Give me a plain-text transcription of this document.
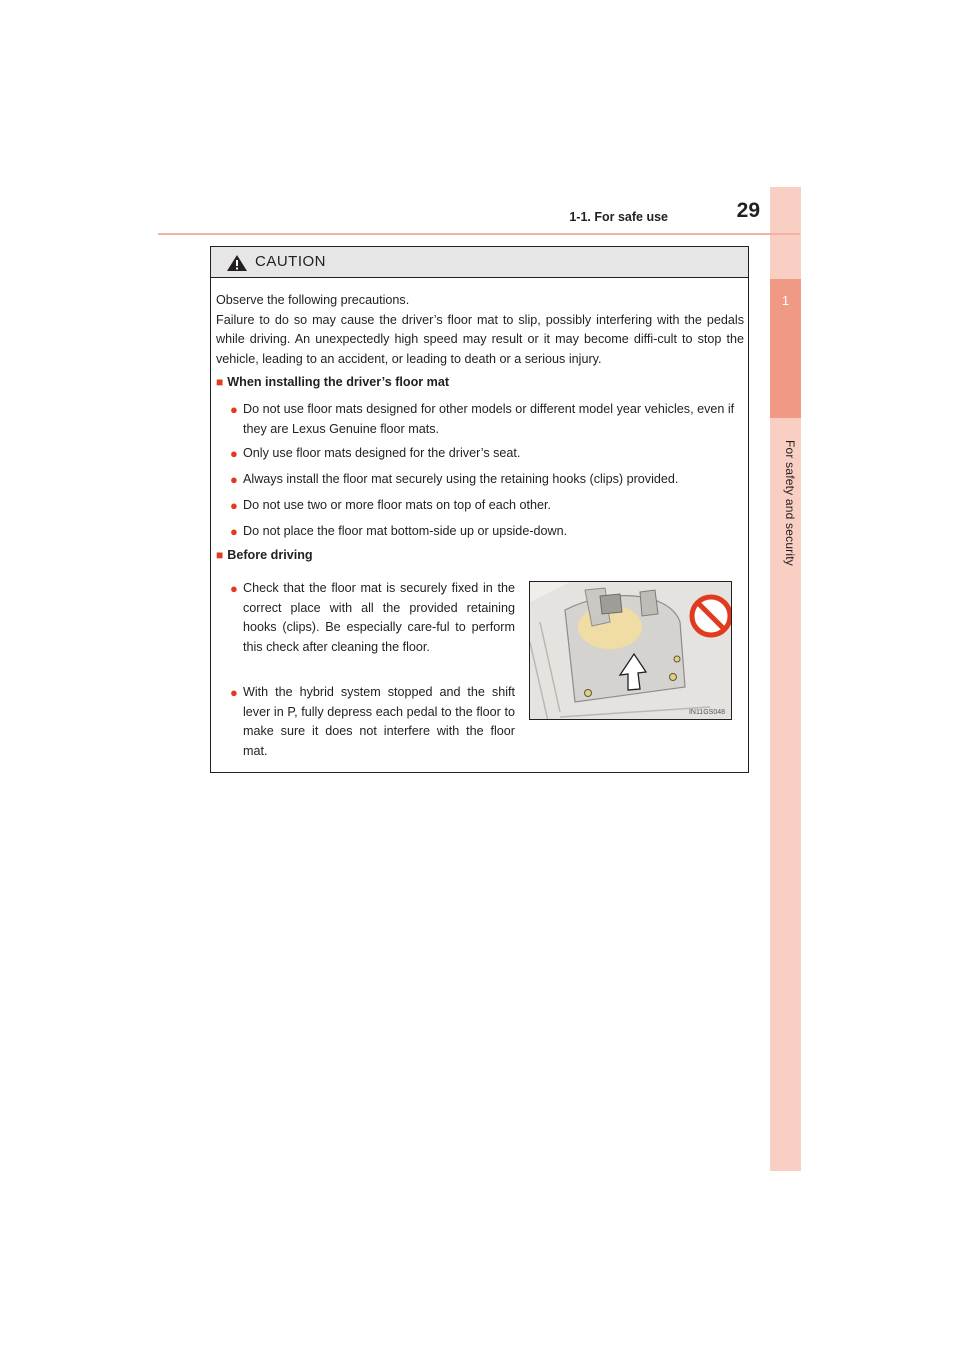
1
For safety and security
1-1. For safe use	29
CAUTION

Observe the following precautions.

Failure to do so may cause the driver’s floor mat to slip, possibly interfering with the pedals while driving. An unexpectedly high speed may result or it may become diffi-cult to stop the vehicle, leading to an accident, or leading to death or a serious injury.

■ When installing the driver’s floor mat
● Do not use floor mats designed for other models or different model year vehicles, even if they are Lexus Genuine floor mats.
● Only use floor mats designed for the driver’s seat.
● Always install the floor mat securely using the retaining hooks (clips) provided.
● Do not use two or more floor mats on top of each other.
● Do not place the floor mat bottom-side up or upside-down.
■ Before driving
● Check that the floor mat is securely fixed in the correct place with all the provided retaining hooks (clips). Be especially care-ful to perform this check after cleaning the floor.
● With the hybrid system stopped and the shift lever in P, fully depress each pedal to the floor to make sure it does not interfere with the floor mat.
IN11GS048
